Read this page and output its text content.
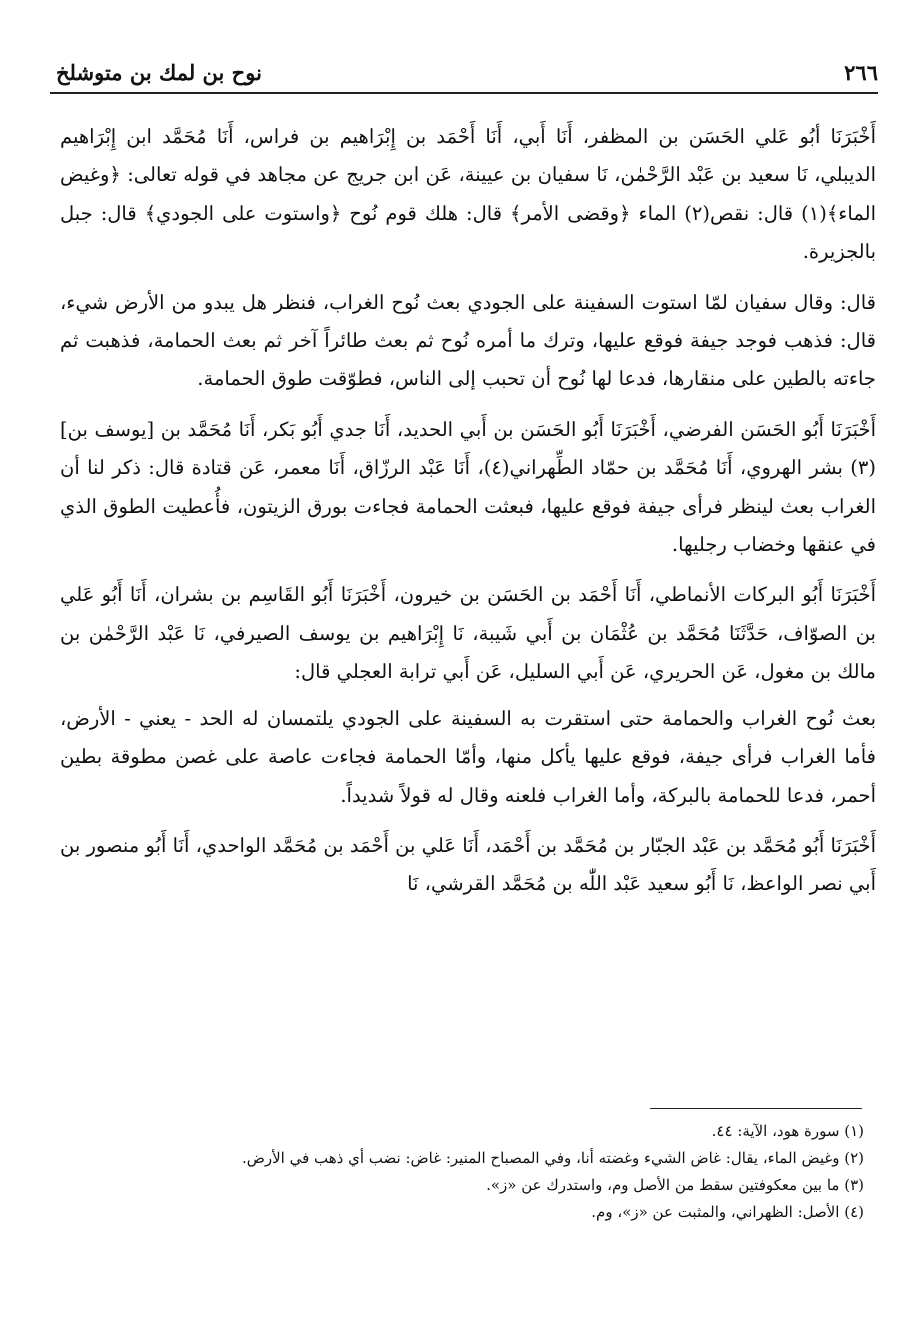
٢٦٦
نوح بن لمك بن متوشلخ

أَخْبَرَنَا أبُو عَلي الحَسَن بن المظفر، أَنَا أَبي، أَنَا أَحْمَد بن إِبْرَاهيم بن فراس، أَنَا مُحَمَّد ابن إِبْرَاهيم الديبلي، نَا سعيد بن عَبْد الرَّحْمٰن، نَا سفيان بن عيينة، عَن ابن جريج عن مجاهد في قوله تعالى: ﴿وغيض الماء﴾(١) قال: نقص(٢) الماء ﴿وقضى الأمر﴾ قال: هلك قوم نُوح ﴿واستوت على الجودي﴾ قال: جبل بالجزيرة.

قال: وقال سفيان لمّا استوت السفينة على الجودي بعث نُوح الغراب، فنظر هل يبدو من الأرض شيء، قال: فذهب فوجد جيفة فوقع عليها، وترك ما أمره نُوح ثم بعث طائراً آخر ثم بعث الحمامة، فذهبت ثم جاءته بالطين على منقارها، فدعا لها نُوح أن تحبب إلى الناس، فطوّقت طوق الحمامة.

أَخْبَرَنَا أَبُو الحَسَن الفرضي، أَخْبَرَنَا أَبُو الحَسَن بن أَبي الحديد، أَنَا جدي أَبُو بَكر، أَنَا مُحَمَّد بن [يوسف بن](٣) بشر الهروي، أَنَا مُحَمَّد بن حمّاد الطِّهراني(٤)، أَنَا عَبْد الرزّاق، أَنَا معمر، عَن قتادة قال: ذكر لنا أن الغراب بعث لينظر فرأى جيفة فوقع عليها، فبعثت الحمامة فجاءت بورق الزيتون، فأُعطيت الطوق الذي في عنقها وخضاب رجليها.

أَخْبَرَنَا أَبُو البركات الأنماطي، أَنَا أَحْمَد بن الحَسَن بن خيرون، أَخْبَرَنَا أَبُو القَاسِم بن بشران، أَنَا أَبُو عَلي بن الصوّاف، حَدَّثَنَا مُحَمَّد بن عُثْمَان بن أَبي شَيبة، نَا إِبْرَاهيم بن يوسف الصيرفي، نَا عَبْد الرَّحْمٰن بن مالك بن مغول، عَن الحريري، عَن أَبي السليل، عَن أَبي ترابة العجلي قال:

بعث نُوح الغراب والحمامة حتى استقرت به السفينة على الجودي يلتمسان له الحد - يعني - الأرض، فأما الغراب فرأى جيفة، فوقع عليها يأكل منها، وأمّا الحمامة فجاءت عاصة على غصن مطوقة بطين أحمر، فدعا للحمامة بالبركة، وأما الغراب فلعنه وقال له قولاً شديداً.

أَخْبَرَنَا أَبُو مُحَمَّد بن عَبْد الجبّار بن مُحَمَّد بن أَحْمَد، أَنَا عَلي بن أَحْمَد بن مُحَمَّد الواحدي، أَنَا أَبُو منصور بن أَبي نصر الواعظ، نَا أَبُو سعيد عَبْد اللّٰه بن مُحَمَّد القرشي، نَا

(١) سورة هود، الآية: ٤٤.
(٢) وغيض الماء، يقال: غاض الشيء وغضته أنا، وفي المصباح المنير: غاض: نضب أي ذهب في الأرض.
(٣) ما بين معكوفتين سقط من الأصل وم، واستدرك عن «ز».
(٤) الأصل: الظهراني، والمثبت عن «ز»، وم.
